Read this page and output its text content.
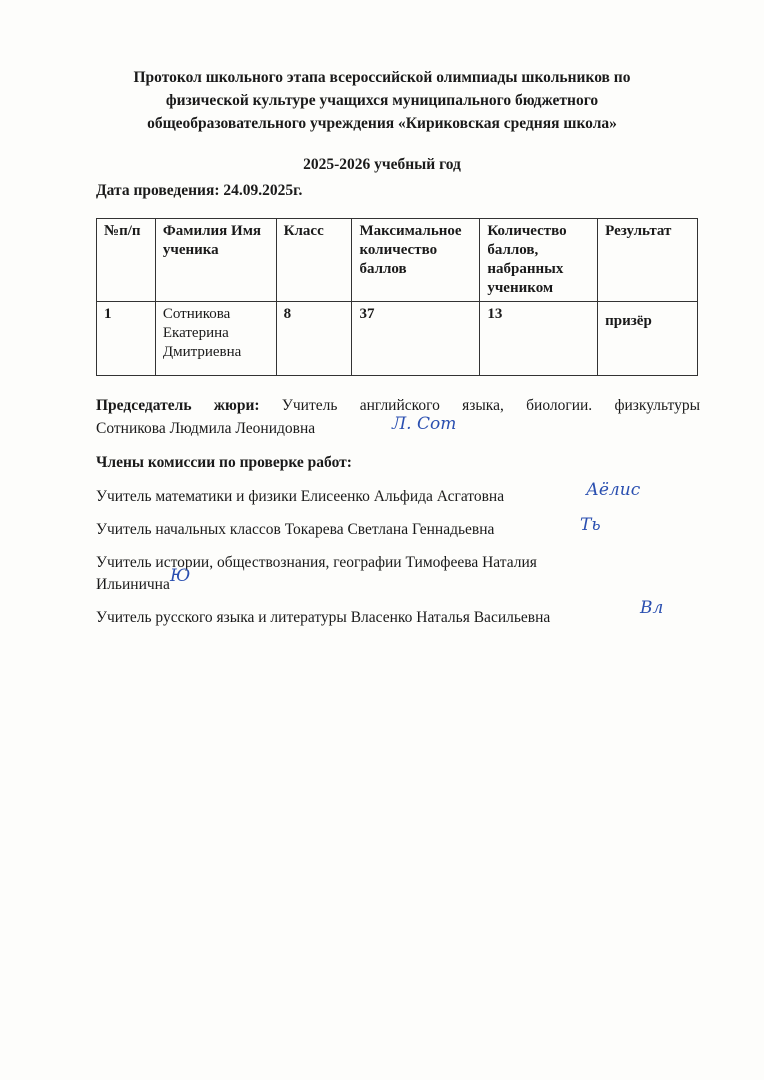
Протокол школьного этапа всероссийской олимпиады школьников по
физической культуре учащихся муниципального бюджетного
общеобразовательного учреждения «Кириковская средняя школа»
2025-2026 учебный год
Дата проведения: 24.09.2025г.
№п/п	Фамилия Имя ученика	Класс	Максимальное количество баллов	Количество баллов, набранных учеником	Результат
1	Сотникова Екатерина Дмитриевна	8	37	13	призёр
Председатель жюри: Учитель английского языка, биологии. физкультуры
Сотникова Людмила Леонидовна	Л. Сот
Члены комиссии по проверке работ:
Учитель математики и физики Елисеенко Альфида Асгатовна	Аёлис
Учитель начальных классов Токарева Светлана Геннадьевна	Ть
Учитель истории, обществознания, географии Тимофеева Наталия
Ильинична Ю
Учитель русского языка и литературы Власенко Наталья Васильевна	Вл
